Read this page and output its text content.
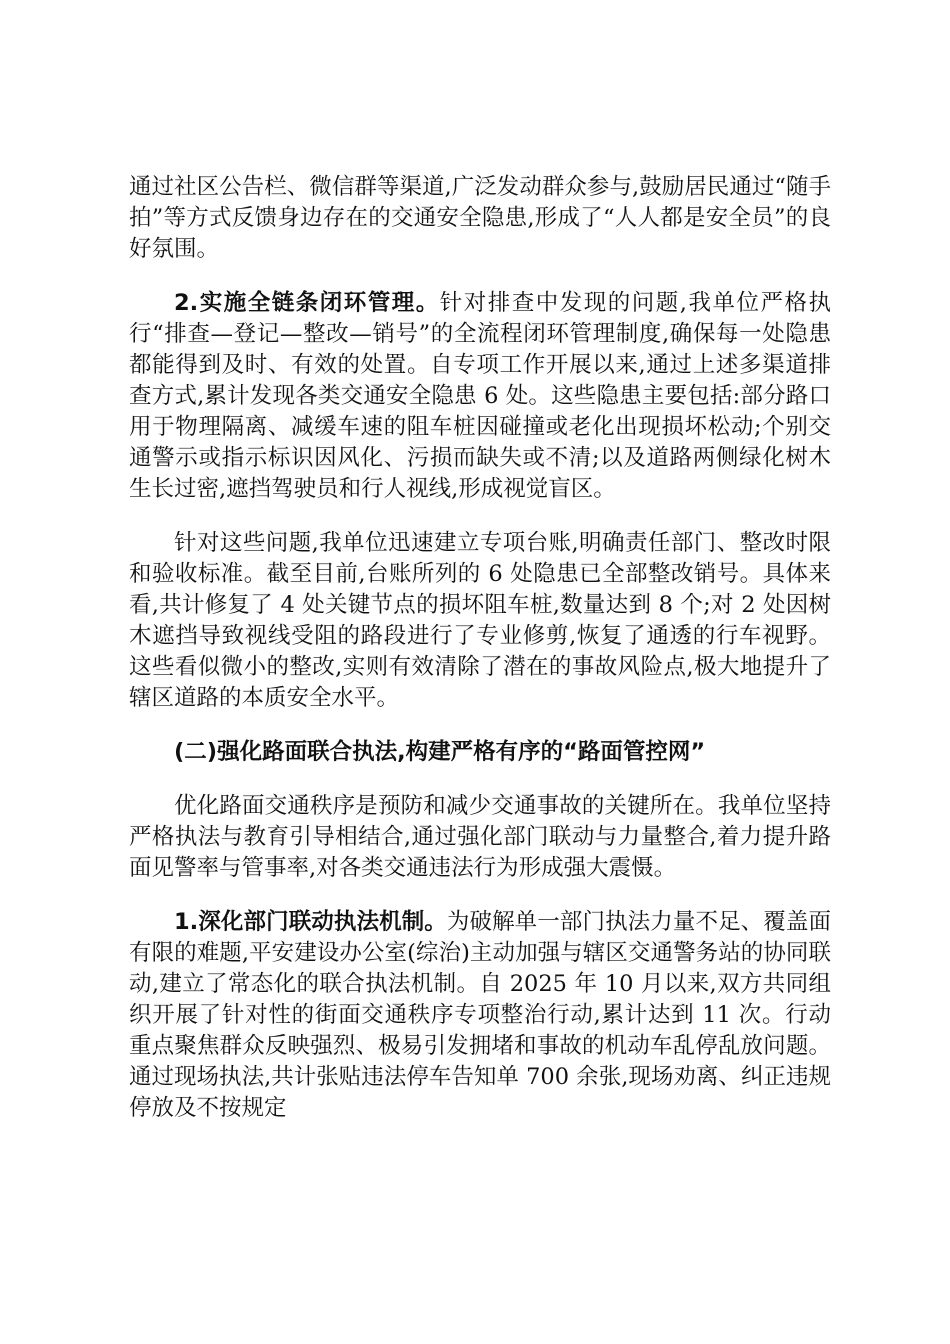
通过社区公告栏、微信群等渠道,广泛发动群众参与,鼓励居民通过“随手拍”等方式反馈身边存在的交通安全隐患,形成了“人人都是安全员”的良好氛围。

2.实施全链条闭环管理。针对排查中发现的问题,我单位严格执行“排查—登记—整改—销号”的全流程闭环管理制度,确保每一处隐患都能得到及时、有效的处置。自专项工作开展以来,通过上述多渠道排查方式,累计发现各类交通安全隐患 6 处。这些隐患主要包括:部分路口用于物理隔离、减缓车速的阻车桩因碰撞或老化出现损坏松动;个别交通警示或指示标识因风化、污损而缺失或不清;以及道路两侧绿化树木生长过密,遮挡驾驶员和行人视线,形成视觉盲区。

针对这些问题,我单位迅速建立专项台账,明确责任部门、整改时限和验收标准。截至目前,台账所列的 6 处隐患已全部整改销号。具体来看,共计修复了 4 处关键节点的损坏阻车桩,数量达到 8 个;对 2 处因树木遮挡导致视线受阻的路段进行了专业修剪,恢复了通透的行车视野。这些看似微小的整改,实则有效清除了潜在的事故风险点,极大地提升了辖区道路的本质安全水平。

(二)强化路面联合执法,构建严格有序的“路面管控网”

优化路面交通秩序是预防和减少交通事故的关键所在。我单位坚持严格执法与教育引导相结合,通过强化部门联动与力量整合,着力提升路面见警率与管事率,对各类交通违法行为形成强大震慑。

1.深化部门联动执法机制。为破解单一部门执法力量不足、覆盖面有限的难题,平安建设办公室(综治)主动加强与辖区交通警务站的协同联动,建立了常态化的联合执法机制。自 2025 年 10 月以来,双方共同组织开展了针对性的街面交通秩序专项整治行动,累计达到 11 次。行动重点聚焦群众反映强烈、极易引发拥堵和事故的机动车乱停乱放问题。通过现场执法,共计张贴违法停车告知单 700 余张,现场劝离、纠正违规停放及不按规定
